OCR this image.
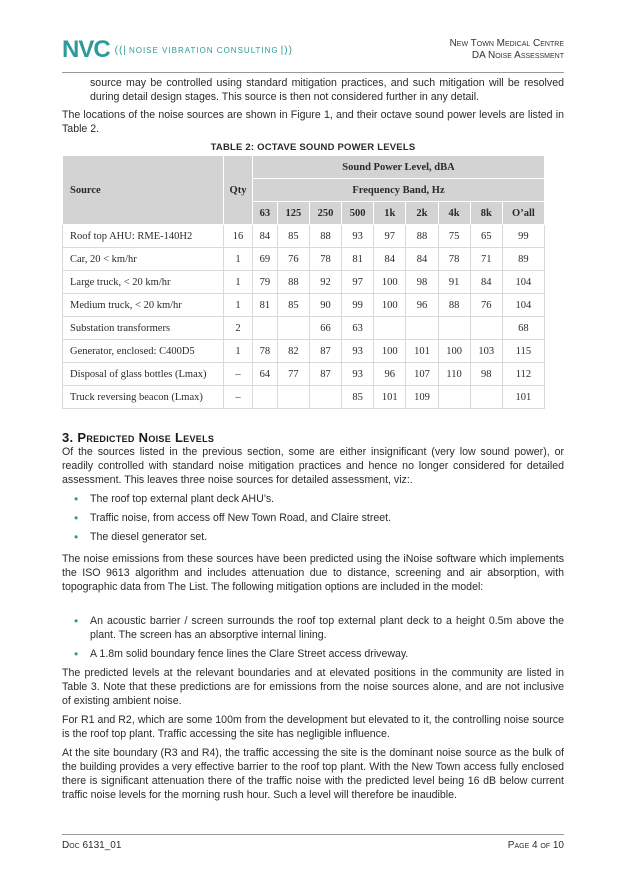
NVC ((| NOISE VIBRATION CONSULTING |))
New Town Medical Centre
DA Noise Assessment

source may be controlled using standard mitigation practices, and such mitigation will be resolved during detail design stages. This source is then not considered further in any detail.

The locations of the noise sources are shown in Figure 1, and their octave sound power levels are listed in Table 2.

TABLE 2: OCTAVE SOUND POWER LEVELS
Source	Qty	Sound Power Level, dBA								
		Frequency Band, Hz								
		63	125	250	500	1k	2k	4k	8k	O’all
Roof top AHU: RME-140H2	16	84	85	88	93	97	88	75	65	99
Car, 20 < km/hr	1	69	76	78	81	84	84	78	71	89
Large truck, < 20 km/hr	1	79	88	92	97	100	98	91	84	104
Medium truck, < 20 km/hr	1	81	85	90	99	100	96	88	76	104
Substation transformers	2			66	63					68
Generator, enclosed: C400D5	1	78	82	87	93	100	101	100	103	115
Disposal of glass bottles (Lmax)	–	64	77	87	93	96	107	110	98	112
Truck reversing beacon (Lmax)	–				85	101	109			101
3. Predicted Noise Levels

Of the sources listed in the previous section, some are either insignificant (very low sound power), or readily controlled with standard noise mitigation practices and hence no longer considered for detailed assessment. This leaves three noise sources for detailed assessment, viz:.

• The roof top external plant deck AHU’s.
• Traffic noise, from access off New Town Road, and Claire street.
• The diesel generator set.

The noise emissions from these sources have been predicted using the iNoise software which implements the ISO 9613 algorithm and includes attenuation due to distance, screening and air absorption, with topographic data from The List. The following mitigation options are included in the model:

• An acoustic barrier / screen surrounds the roof top external plant deck to a height 0.5m above the plant. The screen has an absorptive internal lining.
• A 1.8m solid boundary fence lines the Clare Street access driveway.

The predicted levels at the relevant boundaries and at elevated positions in the community are listed in Table 3. Note that these predictions are for emissions from the noise sources alone, and are not inclusive of existing ambient noise.

For R1 and R2, which are some 100m from the development but elevated to it, the controlling noise source is the roof top plant. Traffic accessing the site has negligible influence.

At the site boundary (R3 and R4), the traffic accessing the site is the dominant noise source as the bulk of the building provides a very effective barrier to the roof top plant. With the New Town access fully enclosed there is significant attenuation there of the traffic noise with the predicted level being 16 dB below current traffic noise levels for the morning rush hour. Such a level will therefore be inaudible.

Doc 6131_01	Page 4 of 10
